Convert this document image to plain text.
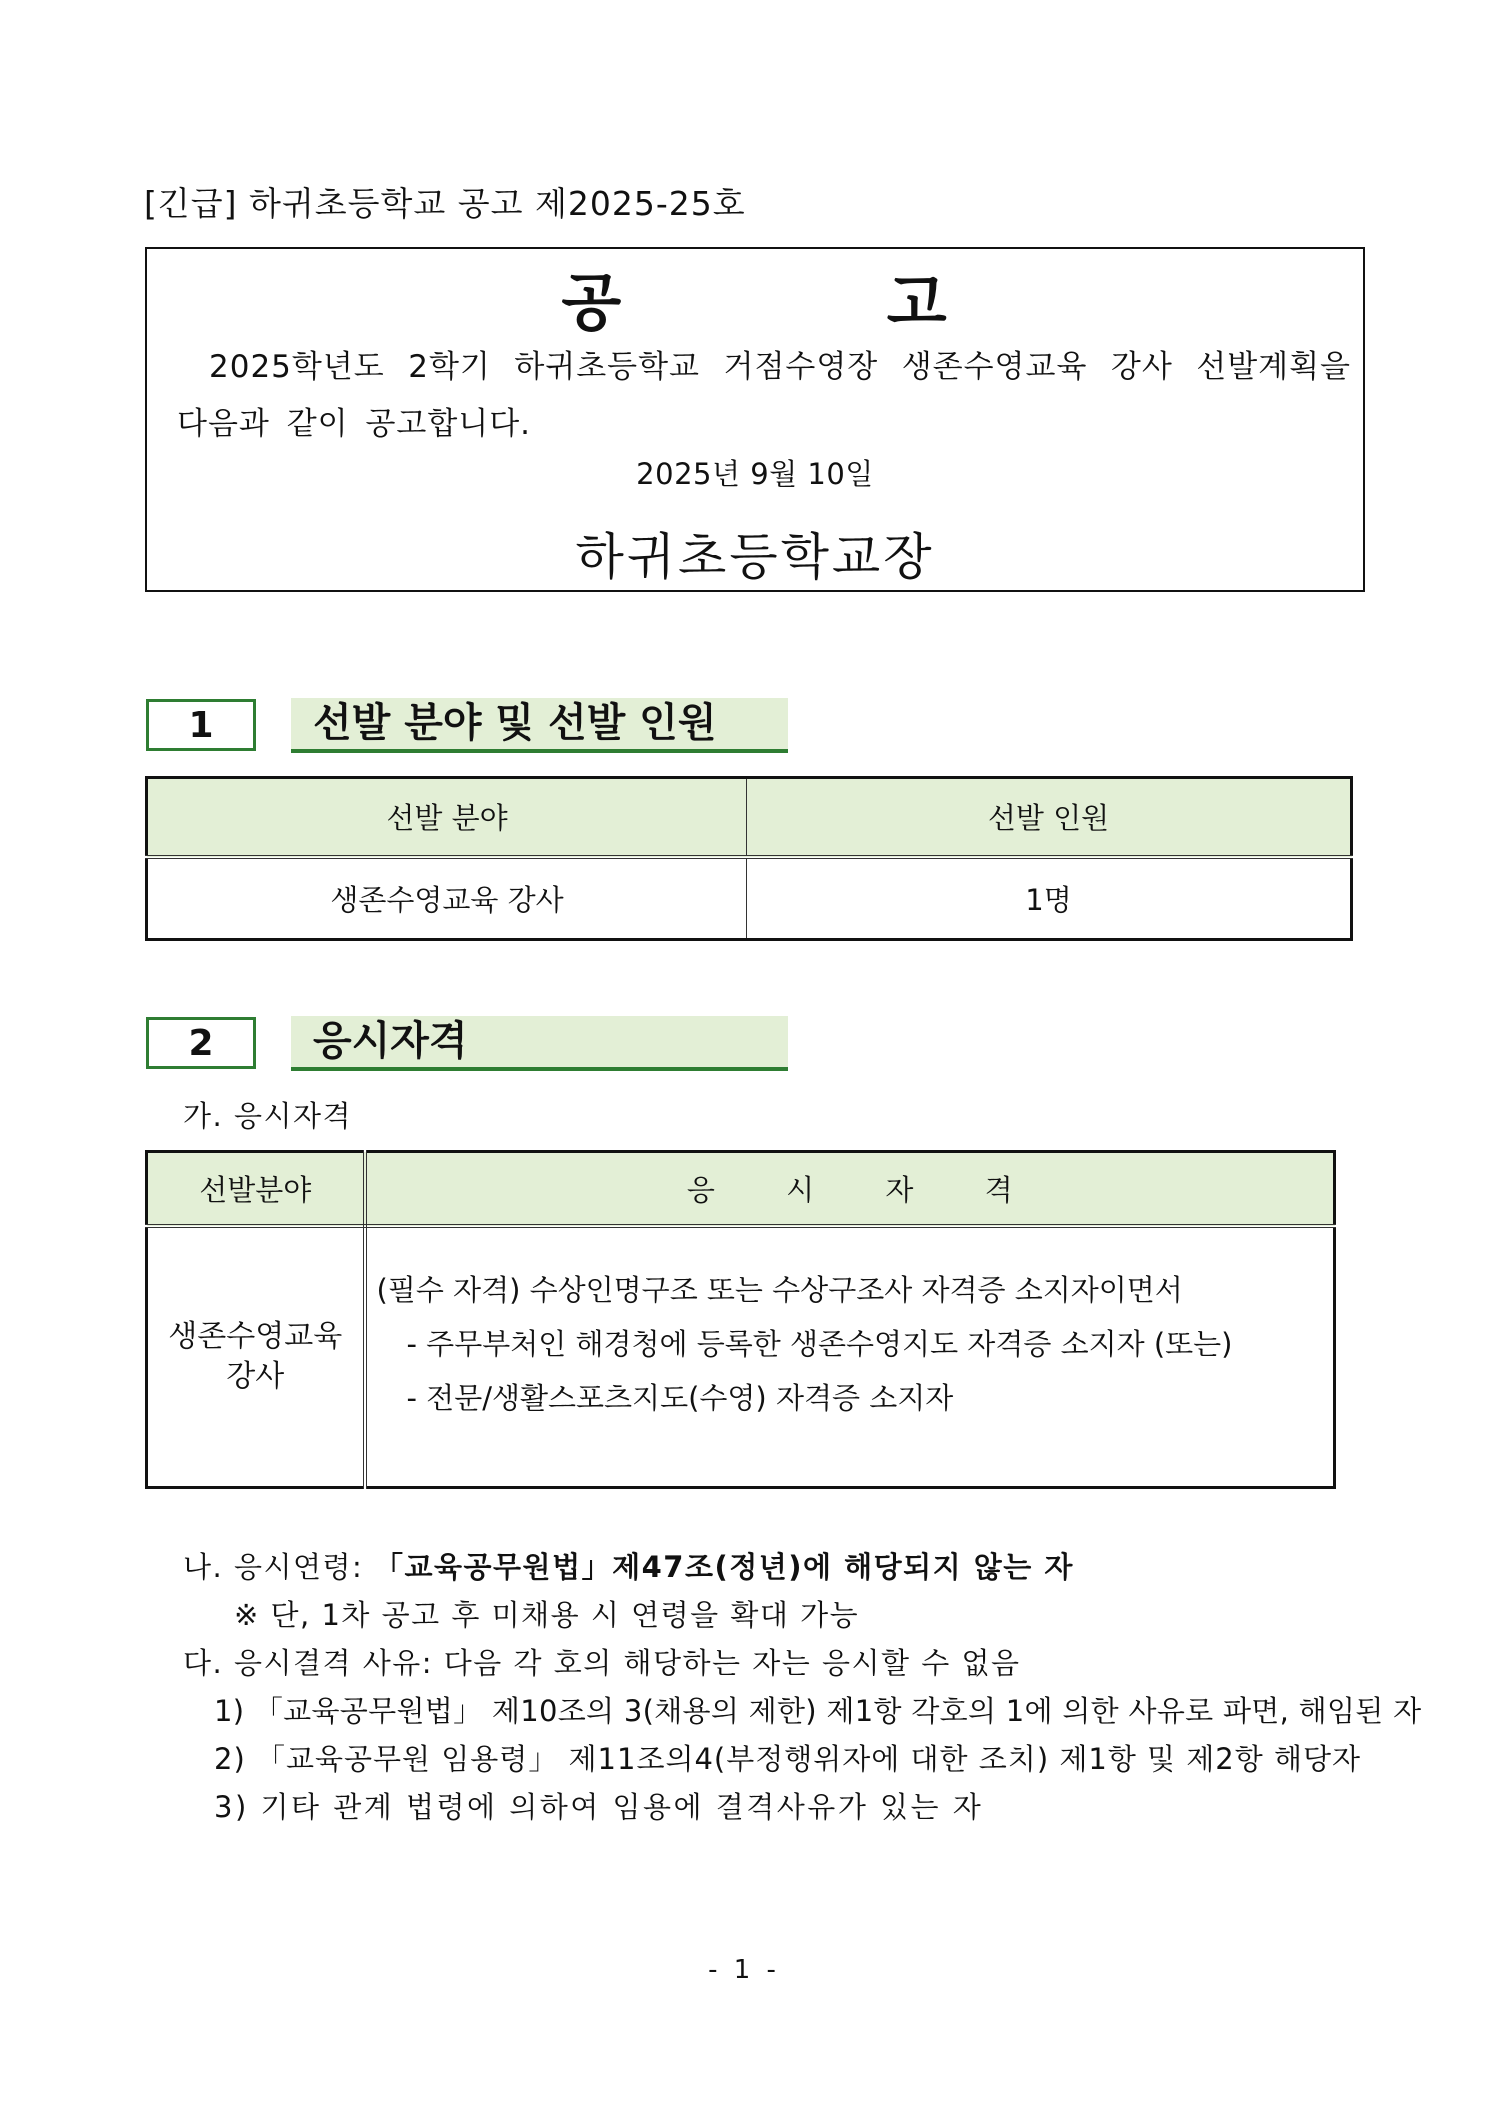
[긴급] 하귀초등학교 공고 제2025-25호
공 고
2025학년도 2학기 하귀초등학교 거점수영장 생존수영교육 강사 선발계획을 다음과 같이 공고합니다.
2025년 9월 10일
하귀초등학교장
1	선발 분야 및 선발 인원
선발 분야	선발 인원
생존수영교육 강사	1명
2	응시자격
가. 응시자격
선발분야	응 시 자 격
생존수영교육 강사	(필수 자격) 수상인명구조 또는 수상구조사 자격증 소지자이면서
- 주무부처인 해경청에 등록한 생존수영지도 자격증 소지자 (또는)
- 전문/생활스포츠지도(수영) 자격증 소지자
나. 응시연령: 「교육공무원법」제47조(정년)에 해당되지 않는 자
※ 단, 1차 공고 후 미채용 시 연령을 확대 가능
다. 응시결격 사유: 다음 각 호의 해당하는 자는 응시할 수 없음
1) 「교육공무원법」 제10조의 3(채용의 제한) 제1항 각호의 1에 의한 사유로 파면, 해임된 자
2) 「교육공무원 임용령」 제11조의4(부정행위자에 대한 조치) 제1항 및 제2항 해당자
3) 기타 관계 법령에 의하여 임용에 결격사유가 있는 자
- 1 -
